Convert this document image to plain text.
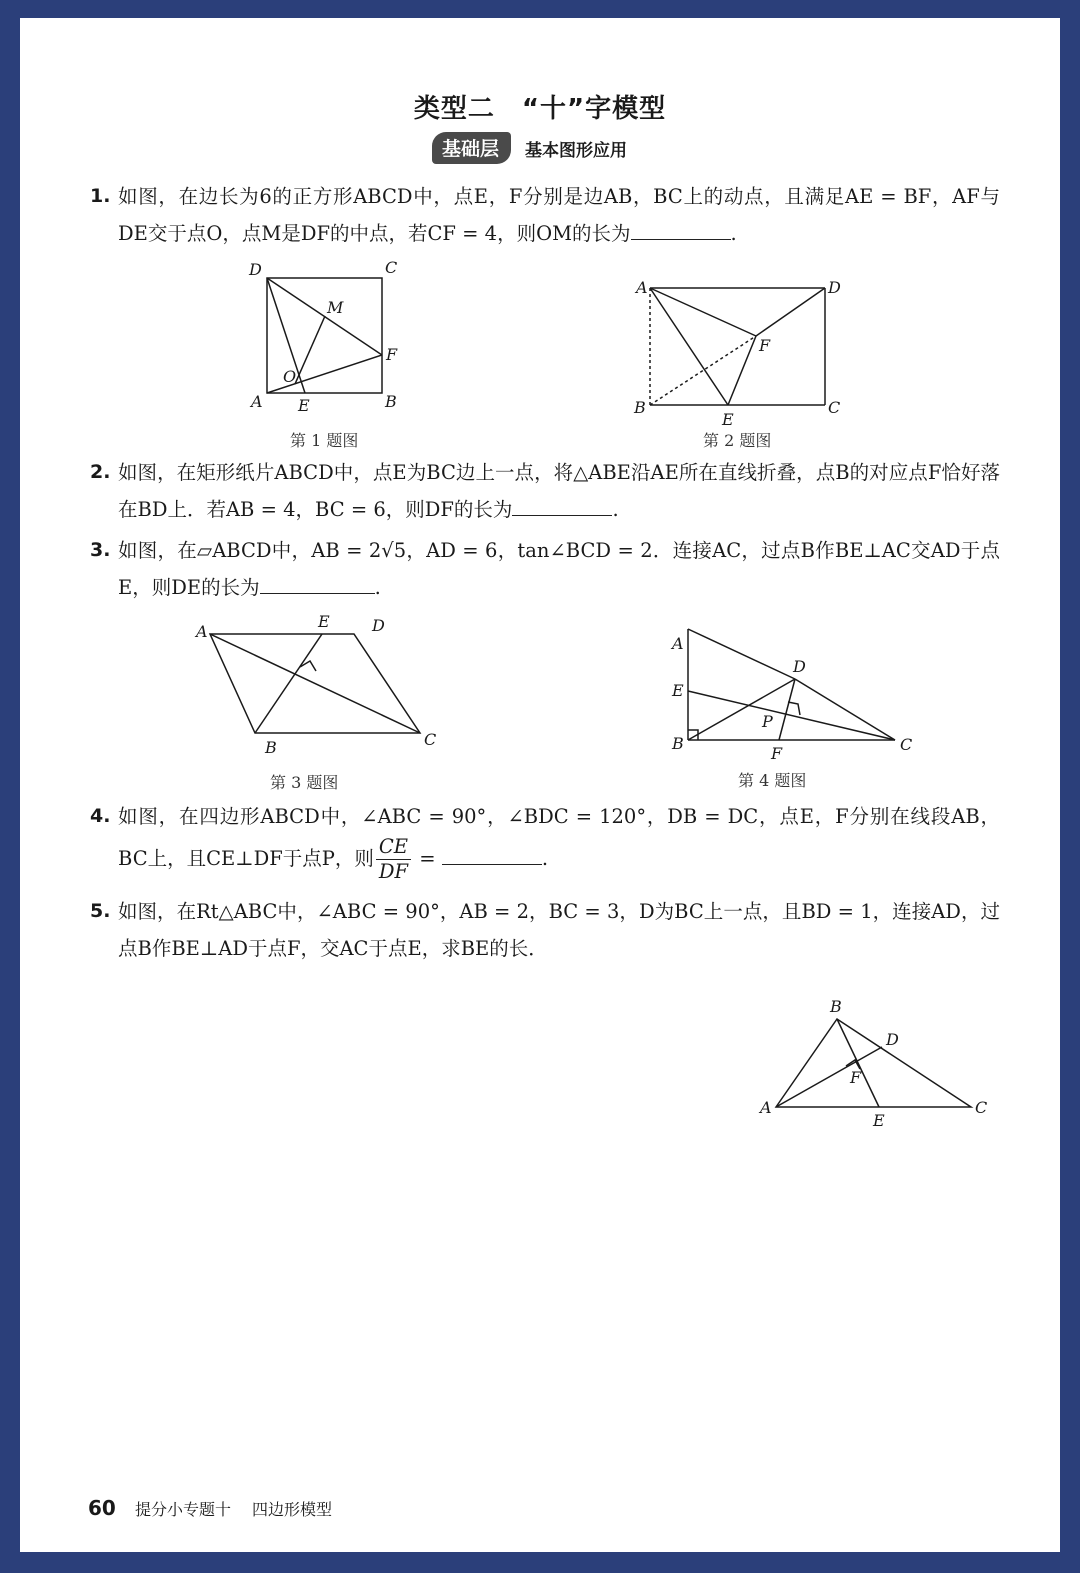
类型二　“十”字模型
基础层	基本图形应用
1. 如图，在边长为6的正方形ABCD中，点E，F分别是边AB，BC上的动点，且满足AE = BF，AF与DE交于点O，点M是DF的中点，若CF = 4，则OM的长为	.
D	C
M
F
O
A E	B
第 1 题图
A	D
F
B
E
C
第 2 题图
2. 如图，在矩形纸片ABCD中，点E为BC边上一点，将△ABE沿AE所在直线折叠，点B的对应点F恰好落在BD上．若AB = 4，BC = 6，则DF的长为	.
3. 如图，在▱ABCD中，AB = 2√5，AD = 6，tan∠BCD = 2．连接AC，过点B作BE⊥AC交AD于点E，则DE的长为	.
A
E	D
B	C
第 3 题图
A
D
E
P
B
F	C
第 4 题图
4. 如图，在四边形ABCD中，∠ABC = 90°，∠BDC = 120°，DB = DC，点E，F分别在线段AB，BC上，且CE⊥DF于点P，则 $\frac{CE}{DF}$ =	.
5. 如图，在Rt△ABC中，∠ABC = 90°，AB = 2，BC = 3，D为BC上一点，且BD = 1，连接AD，过点B作BE⊥AD于点F，交AC于点E，求BE的长．
B
D
F
A
E
C
60 提分小专题十 四边形模型
